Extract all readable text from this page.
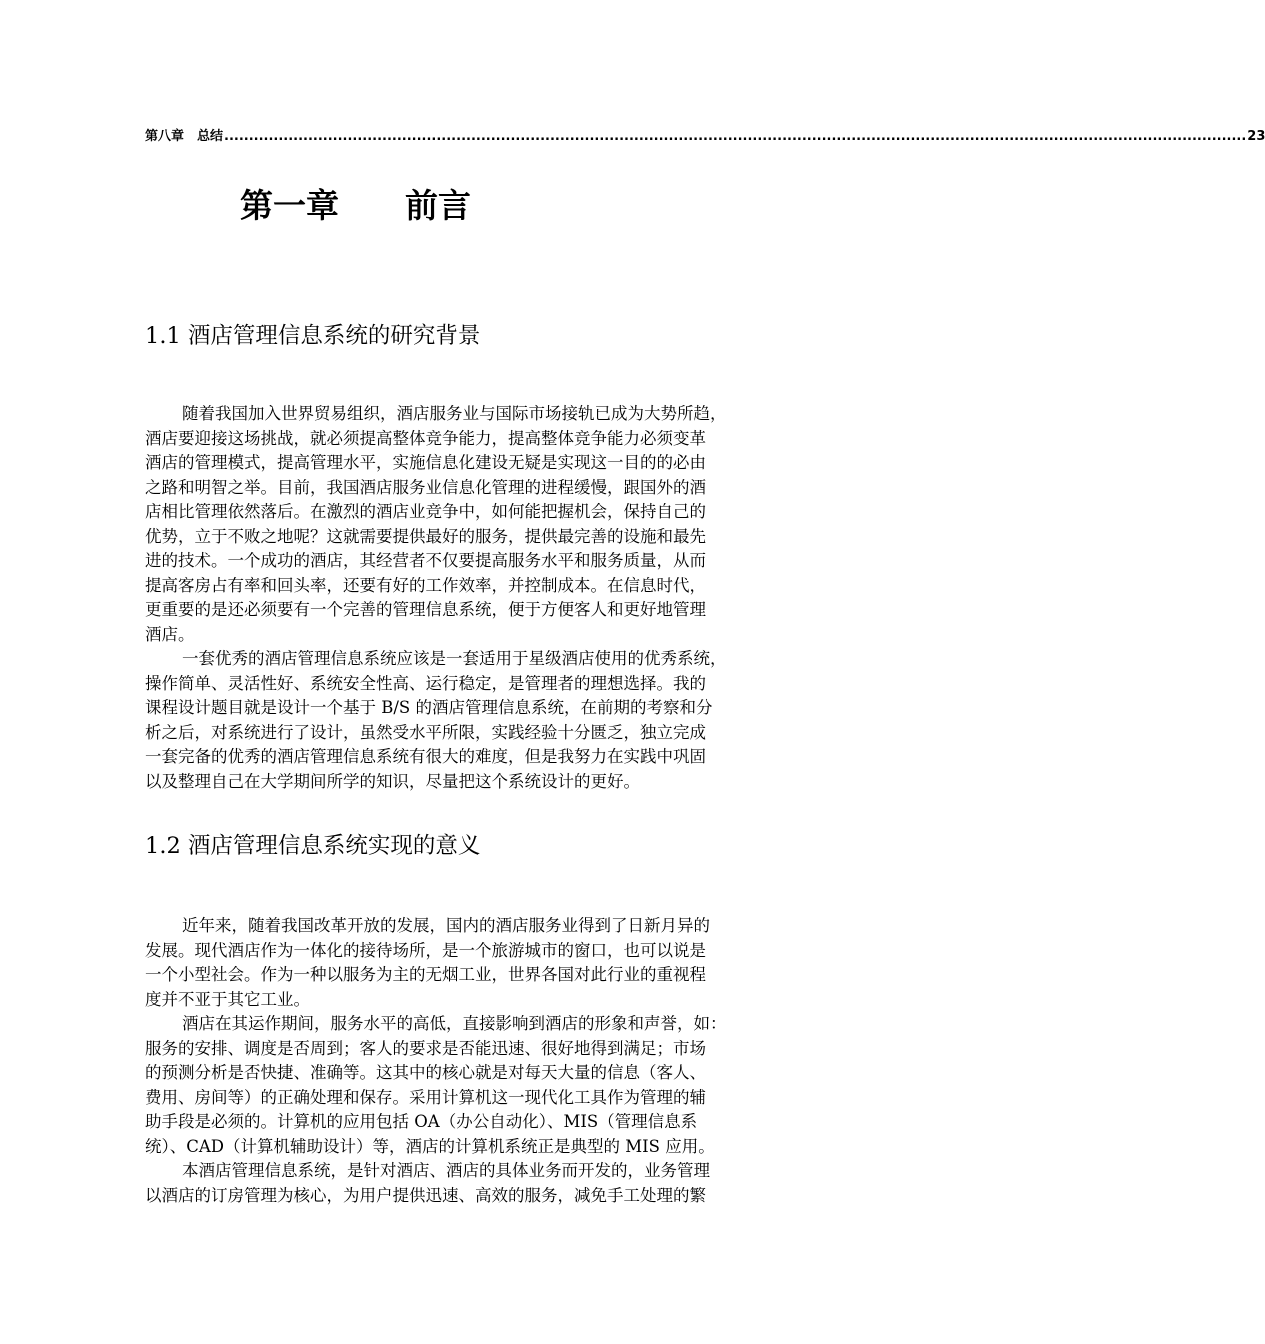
第八章　总结 ............................................................................................................................................................................................................... 23
第一章　　前言
1.1 酒店管理信息系统的研究背景

随着我国加入世界贸易组织，酒店服务业与国际市场接轨已成为大势所趋，
酒店要迎接这场挑战，就必须提高整体竞争能力，提高整体竞争能力必须变革
酒店的管理模式，提高管理水平，实施信息化建设无疑是实现这一目的的必由
之路和明智之举。目前，我国酒店服务业信息化管理的进程缓慢，跟国外的酒
店相比管理依然落后。在激烈的酒店业竞争中，如何能把握机会，保持自己的
优势，立于不败之地呢？这就需要提供最好的服务，提供最完善的设施和最先
进的技术。一个成功的酒店，其经营者不仅要提高服务水平和服务质量，从而
提高客房占有率和回头率，还要有好的工作效率，并控制成本。在信息时代，
更重要的是还必须要有一个完善的管理信息系统，便于方便客人和更好地管理
酒店。

一套优秀的酒店管理信息系统应该是一套适用于星级酒店使用的优秀系统，
操作简单、灵活性好、系统安全性高、运行稳定，是管理者的理想选择。我的
课程设计题目就是设计一个基于 B/S 的酒店管理信息系统，在前期的考察和分
析之后，对系统进行了设计，虽然受水平所限，实践经验十分匮乏，独立完成
一套完备的优秀的酒店管理信息系统有很大的难度，但是我努力在实践中巩固
以及整理自己在大学期间所学的知识，尽量把这个系统设计的更好。

1.2 酒店管理信息系统实现的意义

近年来，随着我国改革开放的发展，国内的酒店服务业得到了日新月异的
发展。现代酒店作为一体化的接待场所，是一个旅游城市的窗口，也可以说是
一个小型社会。作为一种以服务为主的无烟工业，世界各国对此行业的重视程
度并不亚于其它工业。

酒店在其运作期间，服务水平的高低，直接影响到酒店的形象和声誉，如：
服务的安排、调度是否周到；客人的要求是否能迅速、很好地得到满足；市场
的预测分析是否快捷、准确等。这其中的核心就是对每天大量的信息（客人、
费用、房间等）的正确处理和保存。采用计算机这一现代化工具作为管理的辅
助手段是必须的。计算机的应用包括 OA（办公自动化）、MIS（管理信息系
统）、CAD（计算机辅助设计）等，酒店的计算机系统正是典型的 MIS 应用。

本酒店管理信息系统，是针对酒店、酒店的具体业务而开发的，业务管理
以酒店的订房管理为核心，为用户提供迅速、高效的服务，减免手工处理的繁
